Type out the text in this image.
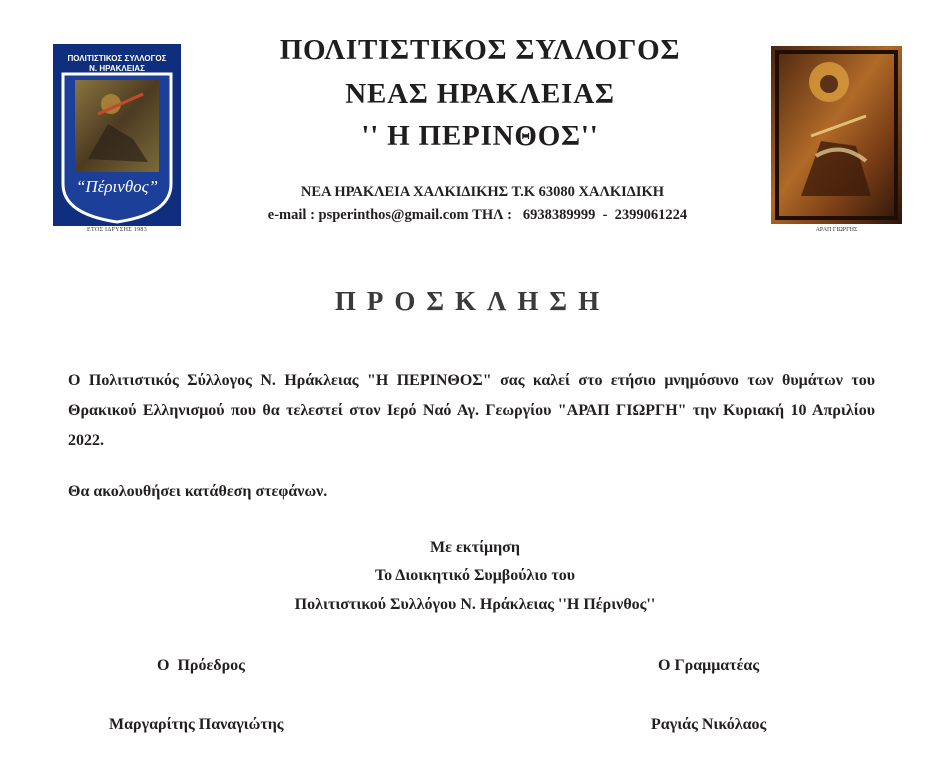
ΠΟΛΙΤΙΣΤΙΚΟΣ ΣΥΛΛΟΓΟΣ
Ν. ΗΡΑΚΛΕΙΑΣ
“Πέρινθος”
ΕΤΟΣ ΙΔΡΥΣΗΣ 1983	ΑΡΑΠ ΓΙΩΡΓΗΣ
ΠΟΛΙΤΙΣΤΙΚΟΣ ΣΥΛΛΟΓΟΣ
ΝΕΑΣ ΗΡΑΚΛΕΙΑΣ
'' Η ΠΕΡΙΝΘΟΣ''
ΝΕΑ ΗΡΑΚΛΕΙΑ ΧΑΛΚΙΔΙΚΗΣ Τ.Κ 63080 ΧΑΛΚΙΔΙΚΗ
e-mail : psperinthos@gmail.com ΤΗΛ :   6938389999  -  2399061224
ΠΡΟΣΚΛΗΣΗ
Ο Πολιτιστικός Σύλλογος Ν. Ηράκλειας "Η ΠΕΡΙΝΘΟΣ" σας καλεί στο ετήσιο μνημόσυνο των θυμάτων του Θρακικού Ελληνισμού που θα τελεστεί στον Ιερό Ναό Αγ. Γεωργίου "ΑΡΑΠ ΓΙΩΡΓΗ" την Κυριακή 10 Απριλίου 2022.
Θα ακολουθήσει κατάθεση στεφάνων.
Με εκτίμηση
Το Διοικητικό Συμβούλιο του
Πολιτιστικού Συλλόγου Ν. Ηράκλειας ''Η Πέρινθος''
Ο  Πρόεδρος
Μαργαρίτης Παναγιώτης
Ο Γραμματέας
Ραγιάς Νικόλαος
